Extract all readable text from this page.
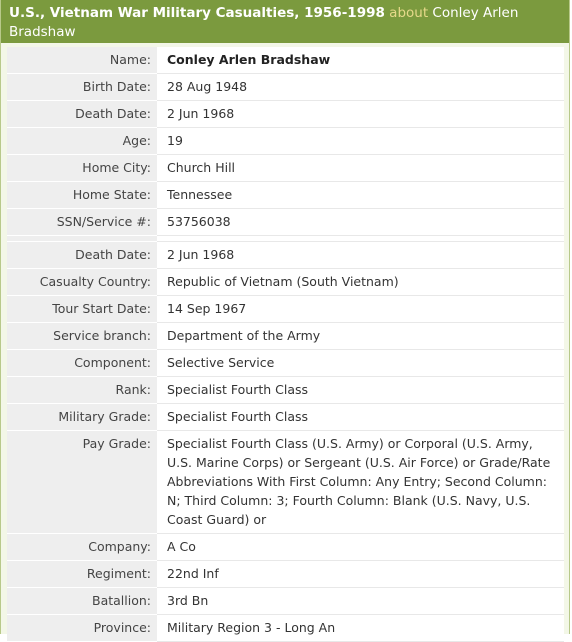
U.S., Vietnam War Military Casualties, 1956-1998 about Conley Arlen Bradshaw
Name:	Conley Arlen Bradshaw
Birth Date:	28 Aug 1948
Death Date:	2 Jun 1968
Age:	19
Home City:	Church Hill
Home State:	Tennessee
SSN/Service #:	53756038

Death Date:	2 Jun 1968
Casualty Country:	Republic of Vietnam (South Vietnam)
Tour Start Date:	14 Sep 1967
Service branch:	Department of the Army
Component:	Selective Service
Rank:	Specialist Fourth Class
Military Grade:	Specialist Fourth Class
Pay Grade:	Specialist Fourth Class (U.S. Army) or Corporal (U.S. Army, U.S. Marine Corps) or Sergeant (U.S. Air Force) or Grade/Rate Abbreviations With First Column: Any Entry; Second Column: N; Third Column: 3; Fourth Column: Blank (U.S. Navy, U.S. Coast Guard) or
Company:	A Co
Regiment:	22nd Inf
Batallion:	3rd Bn
Province:	Military Region 3 - Long An
